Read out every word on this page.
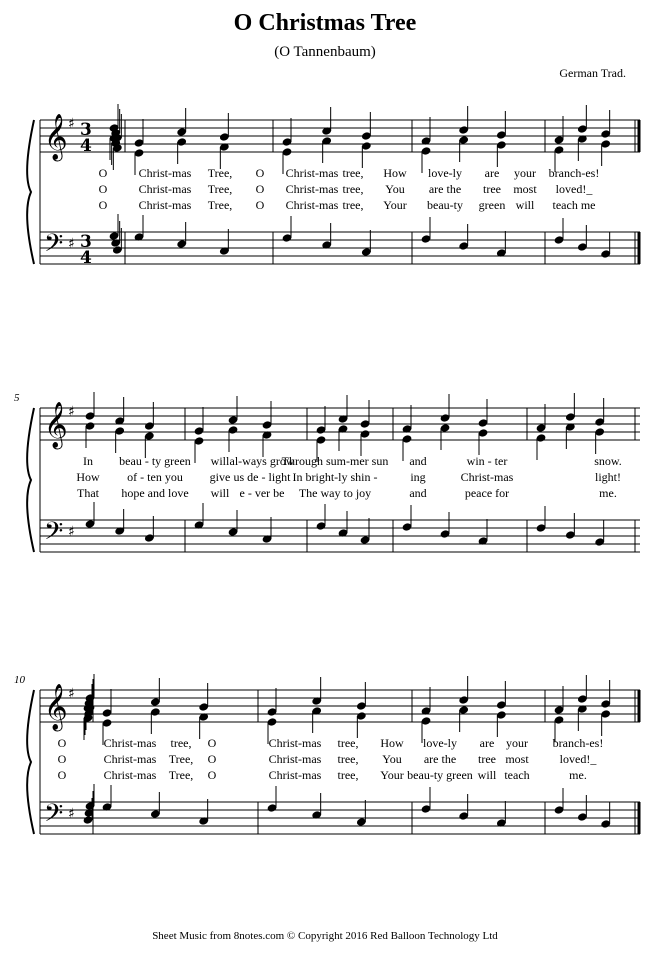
O Christmas Tree
(O Tannenbaum)
German Trad.
𝄞
𝄢
♯
♯
3
4
3
4
O	Christ-mas Tree, O Christ-mas tree, How love-ly are your branch-es!
O	Christ-mas Tree, O Christ-mas tree, You are the tree most loved!_
O	Christ-mas Tree, O Christ-mas tree, Your beau-ty green will teach me
𝄞
𝄢
♯
♯
5
In beau - ty green will al-ways grow
Through sum-mer sun and	win - ter	snow.
How of - ten you give us de - light In bright-ly shin -	ing	Christ-mas	light!
That hope and love will e - ver be The way to joy	and	peace for	me.
𝄞
𝄢
♯
♯
10
O	Christ-mas tree, O	Christ-mas tree, How love-ly are your branch-es!
O	Christ-mas Tree, O	Christ-mas tree, You are the tree most	loved!_
O	Christ-mas Tree, O	Christ-mas tree, Your beau-ty green will teach	me.
Sheet Music from 8notes.com © Copyright 2016 Red Balloon Technology Ltd
